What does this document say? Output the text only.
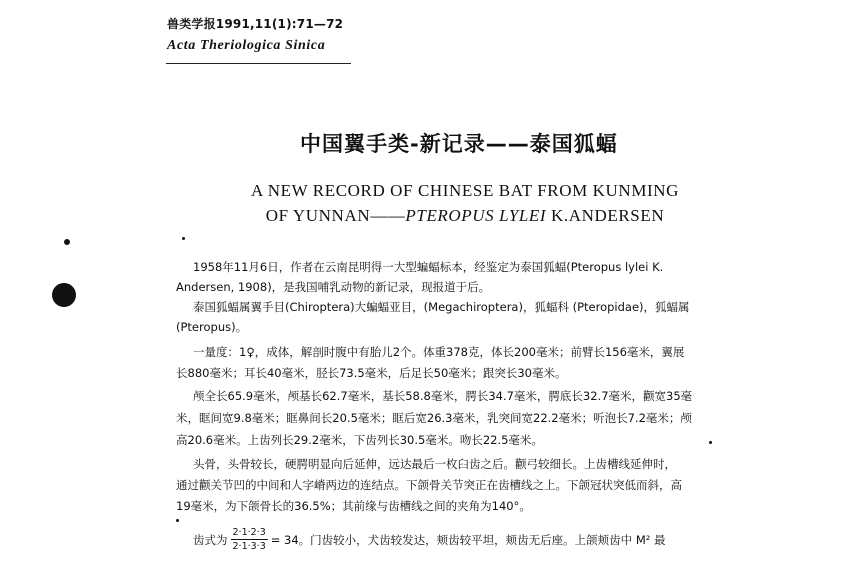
兽类学报1991,11(1):71—72
Acta Theriologica Sinica
中国翼手类-新记录——泰国狐蝠
A NEW RECORD OF CHINESE BAT FROM KUNMING
OF YUNNAN——PTEROPUS LYLEI K.ANDERSEN
1958年11月6日，作者在云南昆明得一大型蝙蝠标本，经鉴定为泰国狐蝠(Pteropus lylei K.
Andersen, 1908)，是我国哺乳动物的新记录，现报道于后。
泰国狐蝠属翼手目(Chiroptera)大蝙蝠亚目，(Megachiroptera)，狐蝠科 (Pteropidae)，狐蝠属
(Pteropus)。
一量度：1♀，成体，解剖时腹中有胎儿2个。体重378克，体长200毫米；前臂长156毫米，翼展
长880毫米；耳长40毫米，胫长73.5毫米，后足长50毫米；跟突长30毫米。
颅全长65.9毫米，颅基长62.7毫米，基长58.8毫米，腭长34.7毫米，腭底长32.7毫米，颧宽35毫
米，眶间宽9.8毫米；眶鼻间长20.5毫米；眶后宽26.3毫米，乳突间宽22.2毫米；听泡长7.2毫米；颅
高20.6毫米。上齿列长29.2毫米，下齿列长30.5毫米。吻长22.5毫米。
头骨，头骨较长，硬腭明显向后延伸，远达最后一枚臼齿之后。颧弓较细长。上齿槽线延伸时，
通过颧关节凹的中间和人字嵴两边的连结点。下颌骨关节突正在齿槽线之上。下颌冠状突低而斜，高
19毫米，为下颌骨长的36.5%；其前缘与齿槽线之间的夹角为140°。
齿式为 $\frac{2\cdot 1\cdot 2\cdot 3}{2\cdot 1\cdot 3\cdot 3} = 34$。门齿较小，犬齿较发达，颊齿较平坦，颊齿无后座。上颌颊齿中 M² 最
